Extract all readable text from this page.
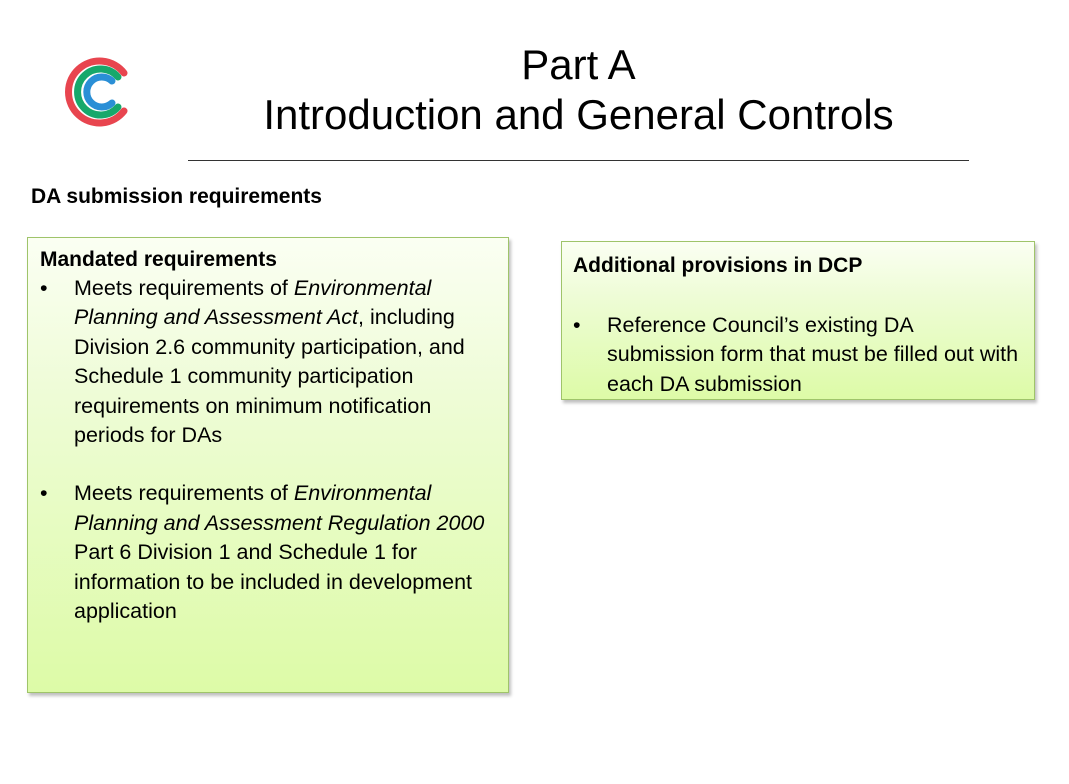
Part A
Introduction and General Controls
DA submission requirements
Mandated requirements
• Meets requirements of Environmental Planning and Assessment Act, including Division 2.6 community participation, and Schedule 1 community participation requirements on minimum notification periods for DAs
• Meets requirements of Environmental Planning and Assessment Regulation 2000 Part 6 Division 1 and Schedule 1 for information to be included in development application
Additional provisions in DCP
• Reference Council’s existing DA submission form that must be filled out with each DA submission
